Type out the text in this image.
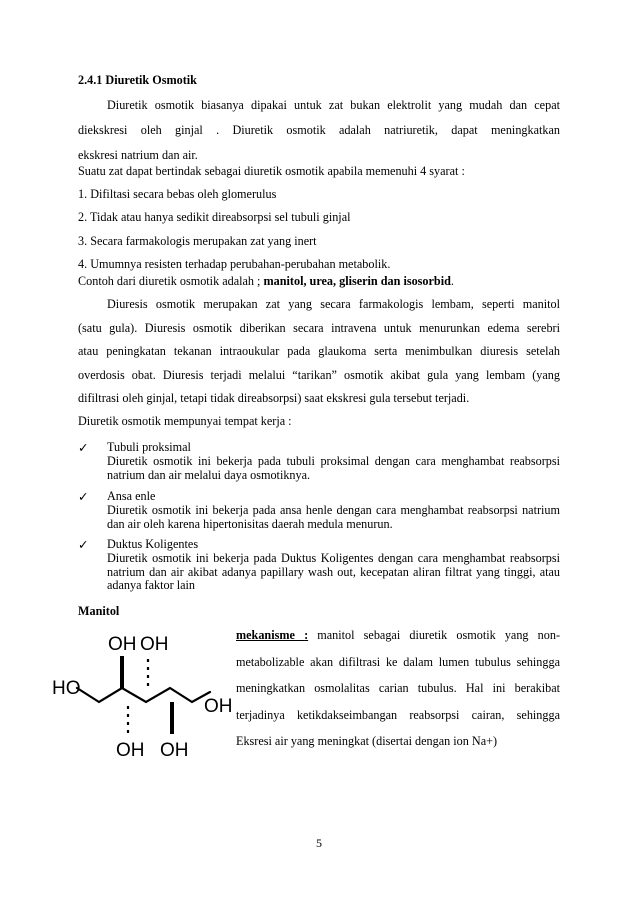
2.4.1 Diuretik Osmotik

Diuretik osmotik biasanya dipakai untuk zat bukan elektrolit yang mudah dan cepat

diekskresi oleh ginjal . Diuretik osmotik adalah natriuretik, dapat meningkatkan

ekskresi natrium dan air.

Suatu zat dapat bertindak sebagai diuretik osmotik apabila memenuhi 4 syarat :

1. Difiltasi secara bebas oleh glomerulus

2. Tidak atau hanya sedikit direabsorpsi sel tubuli ginjal

3. Secara farmakologis merupakan zat yang inert

4. Umumnya resisten terhadap perubahan-perubahan metabolik.

Contoh dari diuretik osmotik adalah ; manitol, urea, gliserin dan isosorbid.

Diuresis osmotik merupakan zat yang secara farmakologis lembam, seperti manitol

(satu gula). Diuresis osmotik diberikan secara intravena untuk menurunkan edema serebri

atau peningkatan tekanan intraoukular pada glaukoma serta menimbulkan diuresis setelah

overdosis obat. Diuresis terjadi melalui “tarikan” osmotik akibat gula yang lembam (yang

difiltrasi oleh ginjal, tetapi tidak direabsorpsi) saat ekskresi gula tersebut terjadi.

Diuretik osmotik mempunyai tempat kerja :

✓ Tubuli proksimal

Diuretik osmotik ini bekerja pada tubuli proksimal dengan cara menghambat reabsorpsi natrium dan air melalui daya osmotiknya.

✓ Ansa enle

Diuretik osmotik ini bekerja pada ansa henle dengan cara menghambat reabsorpsi natrium dan air oleh karena hipertonisitas daerah medula menurun.

✓ Duktus Koligentes

Diuretik osmotik ini bekerja pada Duktus Koligentes dengan cara menghambat reabsorpsi natrium dan air akibat adanya papillary wash out, kecepatan aliran filtrat yang tinggi, atau adanya faktor lain

Manitol

OH OH
HO
OH
OH OH

mekanisme : manitol sebagai diuretik osmotik yang non-metabolizable akan difiltrasi ke dalam lumen tubulus sehingga meningkatkan osmolalitas carian tubulus. Hal ini berakibat terjadinya ketikdakseimbangan reabsorpsi cairan, sehingga Eksresi air yang meningkat (disertai dengan ion Na+)

5
